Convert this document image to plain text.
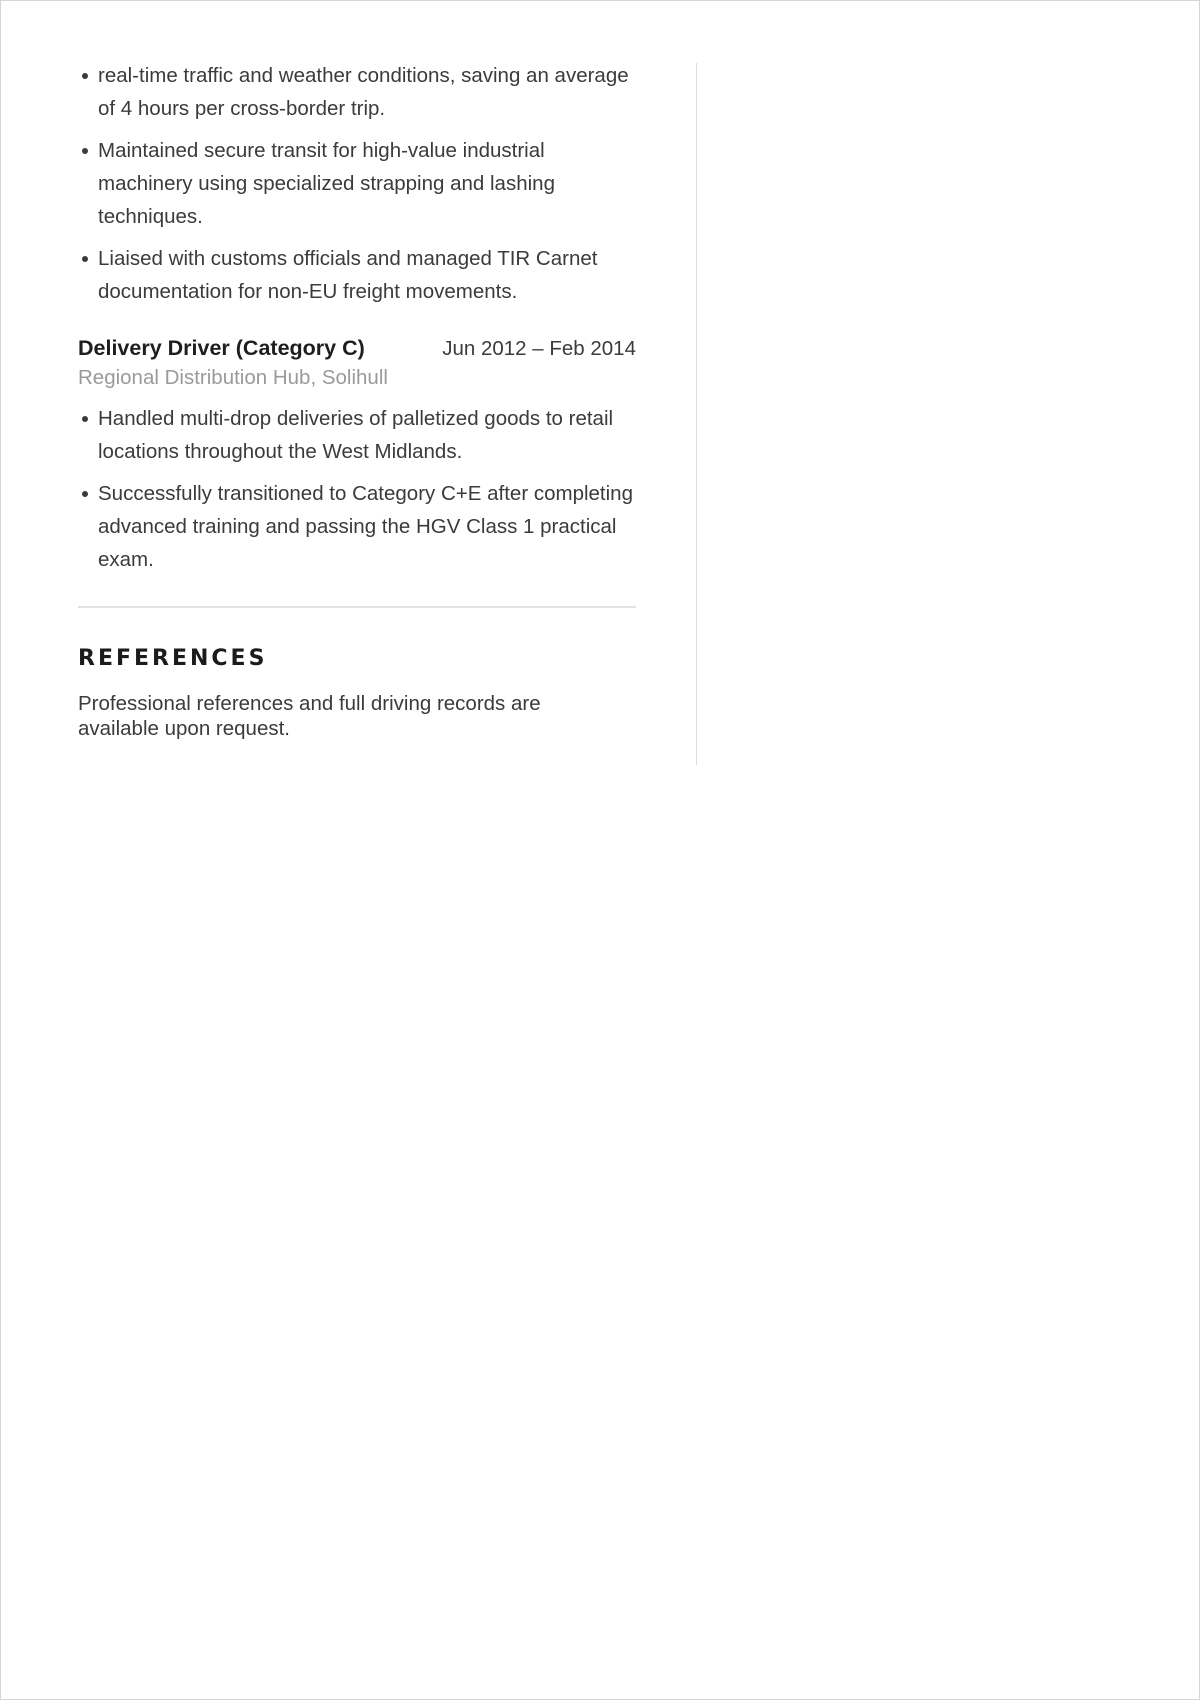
real-time traffic and weather conditions, saving an average of 4 hours per cross-border trip.
Maintained secure transit for high-value industrial machinery using specialized strapping and lashing techniques.
Liaised with customs officials and managed TIR Carnet documentation for non-EU freight movements.
Delivery Driver (Category C)	Jun 2012 – Feb 2014
Regional Distribution Hub, Solihull
Handled multi-drop deliveries of palletized goods to retail locations throughout the West Midlands.
Successfully transitioned to Category C+E after completing advanced training and passing the HGV Class 1 practical exam.
REFERENCES
Professional references and full driving records are available upon request.
